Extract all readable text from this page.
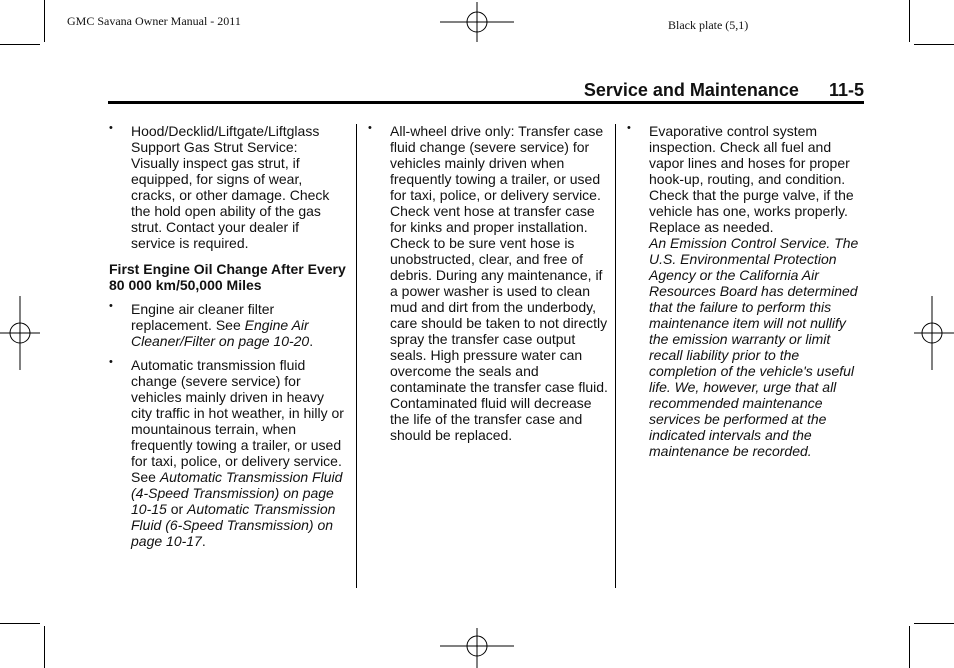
GMC Savana Owner Manual - 2011	Black plate (5,1)
Service and Maintenance 11-5
• Hood/Decklid/Liftgate/Liftglass Support Gas Strut Service: Visually inspect gas strut, if equipped, for signs of wear, cracks, or other damage. Check the hold open ability of the gas strut. Contact your dealer if service is required.

First Engine Oil Change After Every 80 000 km/50,000 Miles
• Engine air cleaner filter replacement. See Engine Air Cleaner/Filter on page 10-20.

• Automatic transmission fluid change (severe service) for vehicles mainly driven in heavy city traffic in hot weather, in hilly or mountainous terrain, when frequently towing a trailer, or used for taxi, police, or delivery service. See Automatic Transmission Fluid (4-Speed Transmission) on page 10-15 or Automatic Transmission Fluid (6-Speed Transmission) on page 10-17.

• All-wheel drive only: Transfer case fluid change (severe service) for vehicles mainly driven when frequently towing a trailer, or used for taxi, police, or delivery service. Check vent hose at transfer case for kinks and proper installation. Check to be sure vent hose is unobstructed, clear, and free of debris. During any maintenance, if a power washer is used to clean mud and dirt from the underbody, care should be taken to not directly spray the transfer case output seals. High pressure water can overcome the seals and contaminate the transfer case fluid. Contaminated fluid will decrease the life of the transfer case and should be replaced.

• Evaporative control system inspection. Check all fuel and vapor lines and hoses for proper hook-up, routing, and condition. Check that the purge valve, if the vehicle has one, works properly. Replace as needed.

An Emission Control Service. The U.S. Environmental Protection Agency or the California Air Resources Board has determined that the failure to perform this maintenance item will not nullify the emission warranty or limit recall liability prior to the completion of the vehicle's useful life. We, however, urge that all recommended maintenance services be performed at the indicated intervals and the maintenance be recorded.
